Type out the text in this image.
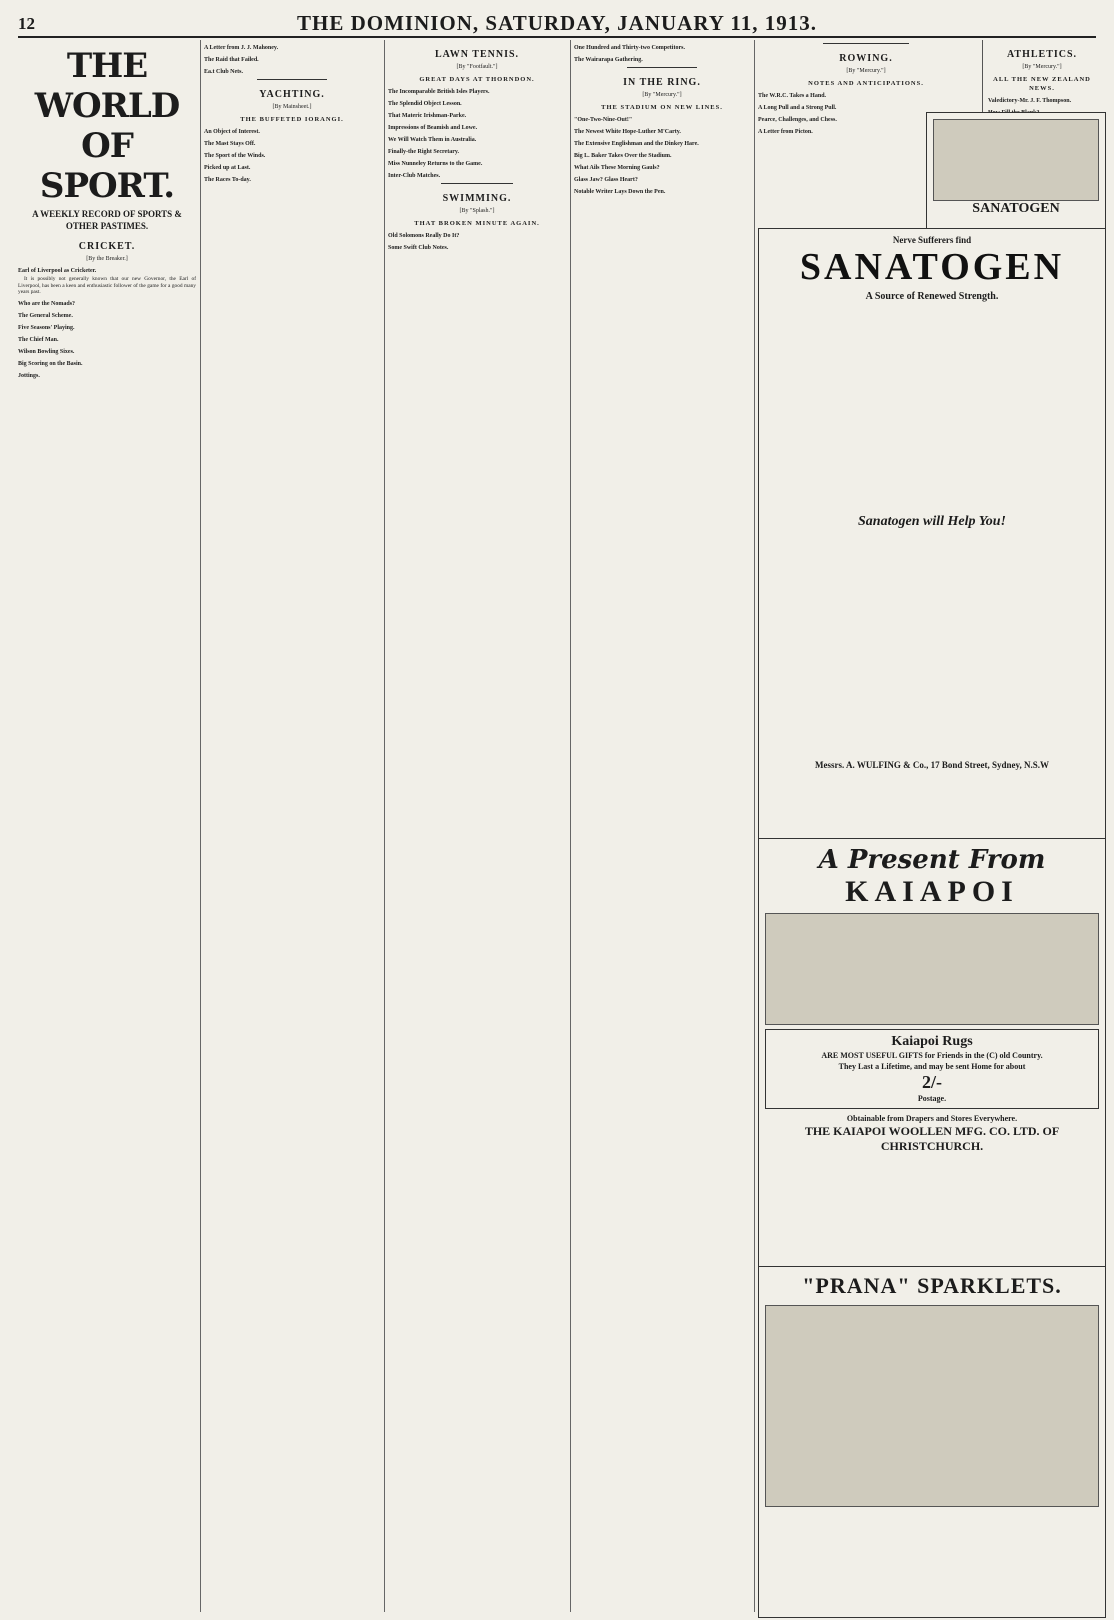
12	THE DOMINION, SATURDAY, JANUARY 11, 1913.
THE WORLD OF SPORT.
A WEEKLY RECORD OF SPORTS & OTHER PASTIMES.
CRICKET.
[By the Breaker.]
Earl of Liverpool as Cricketer.

It is possibly not generally known that our new Governor, the Earl of Liverpool, has been a keen and enthusiastic follower of the game for a good many years past.

Who are the Nomads?

The General Scheme.

Five Seasons' Playing.

The Chief Man.

Wilson Bowling Sixes.

Big Scoring on the Basin.

Jottings.

A Letter from J. J. Mahoney.

The Raid that Failed.

Ea.t Club Nets.

YACHTING.
[By Mainsheet.]
THE BUFFETED IORANGI.

An Object of Interest.

The Mast Stays Off.

The Sport of the Winds.

Picked up at Last.

The Races To-day.

LAWN TENNIS.
[By "Footfault."]
GREAT DAYS AT THORNDON.

The Incomparable British Isles Players.

The Splendid Object Lesson.

That Materic Irishman-Parke.

Impressions of Beamish and Lowe.

We Will Watch Them in Australia.

Finally-the Right Secretary.

Miss Nunneley Returns to the Game.

Inter-Club Matches.

SWIMMING.
[By "Splash."]
THAT BROKEN MINUTE AGAIN.

Old Solomons Really Do It?

Some Swift Club Notes.

One Hundred and Thirty-two Competitors.

The Wairarapa Gathering.

IN THE RING.
[By "Mercury."]
THE STADIUM ON NEW LINES.
"One-Two-Nine-Out!"

The Newest White Hope-Luther M'Carty.

The Extensive Englishman and the Dinkey Hare.

Big L. Baker Takes Over the Stadium.

What Ails These Morning Gauls?

Glass Jaw? Glass Heart?

Notable Writer Lays Down the Pen.

ROWING.
[By "Mercury."]
NOTES AND ANTICIPATIONS.
The W.R.C. Takes a Hand.

A Long Pull and a Strong Pull.

Pearce, Challenges, and Chess.

A Letter from Picton.

ATHLETICS.
[By "Mercury."]
ALL THE NEW ZEALAND NEWS.
Valedictory-Mr. J. F. Thompson.

SANATOGEN
Nerve Sufferers find
SANATOGEN
A Source of Renewed Strength.
Sanatogen will Help You!
Messrs. A. WULFING & Co., 17 Bond Street, Sydney, N.S.W
A Present From
KAIAPOI
Kaiapoi Rugs
ARE MOST USEFUL GIFTS for Friends in the (C) old Country.
They Last a Lifetime, and may be sent Home for about
2/-
Postage.
Obtainable from Drapers and Stores Everywhere.
THE KAIAPOI WOOLLEN MFG. CO. LTD. OF CHRISTCHURCH.
"PRANA" SPARKLETS.
